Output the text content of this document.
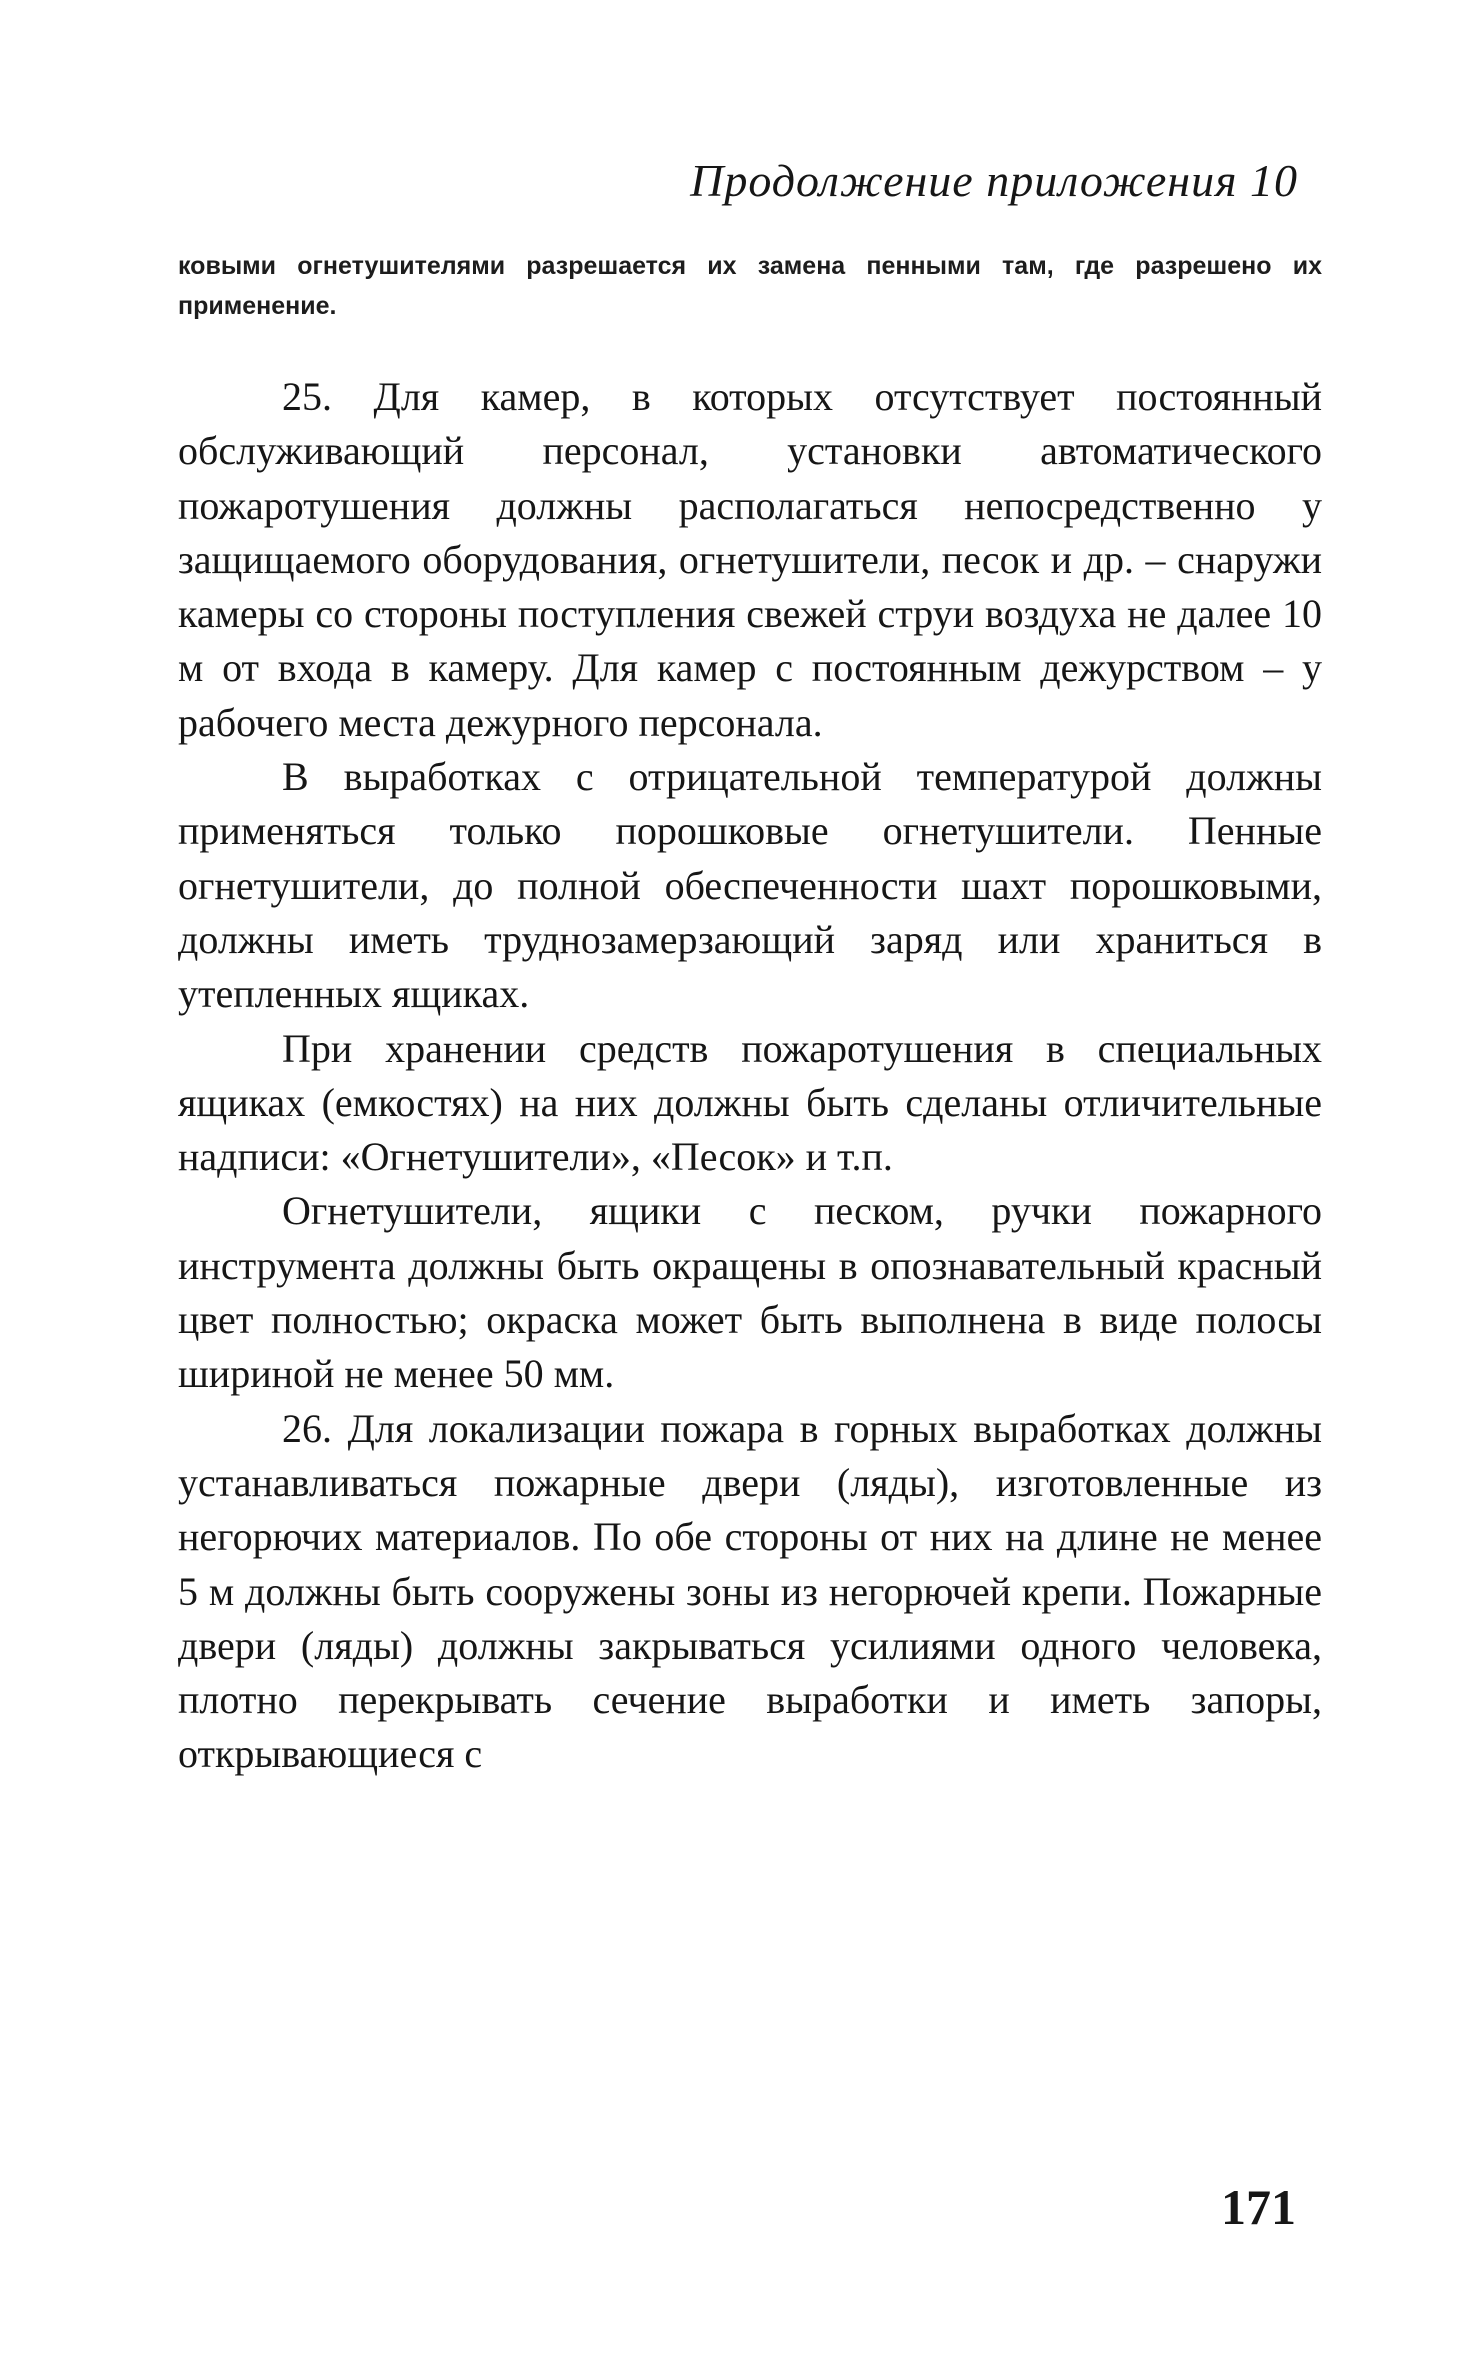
Продолжение приложения 10
ковыми огнетушителями разрешается их замена пенными там, где разрешено их применение.

25. Для камер, в которых отсутствует постоянный обслуживающий персонал, установки автоматического пожаротушения должны располагаться непосредственно у защищаемого оборудования, огнетушители, песок и др. – снаружи камеры со стороны поступления свежей струи воздуха не далее 10 м от входа в камеру. Для камер с постоянным дежурством – у рабочего места дежурного персонала.

В выработках с отрицательной температурой должны применяться только порошковые огнетушители. Пенные огнетушители, до полной обеспеченности шахт порошковыми, должны иметь труднозамерзающий заряд или храниться в утепленных ящиках.

При хранении средств пожаротушения в специальных ящиках (емкостях) на них должны быть сделаны отличительные надписи: «Огнетушители», «Песок» и т.п.

Огнетушители, ящики с песком, ручки пожарного инструмента должны быть окращены в опознавательный красный цвет полностью; окраска может быть выполнена в виде полосы шириной не менее 50 мм.

26. Для локализации пожара в горных выработках должны устанавливаться пожарные двери (ляды), изготовленные из негорючих материалов. По обе стороны от них на длине не менее 5 м должны быть сооружены зоны из негорючей крепи. Пожарные двери (ляды) должны закрываться усилиями одного человека, плотно перекрывать сечение выработки и иметь запоры, открывающиеся с

171
